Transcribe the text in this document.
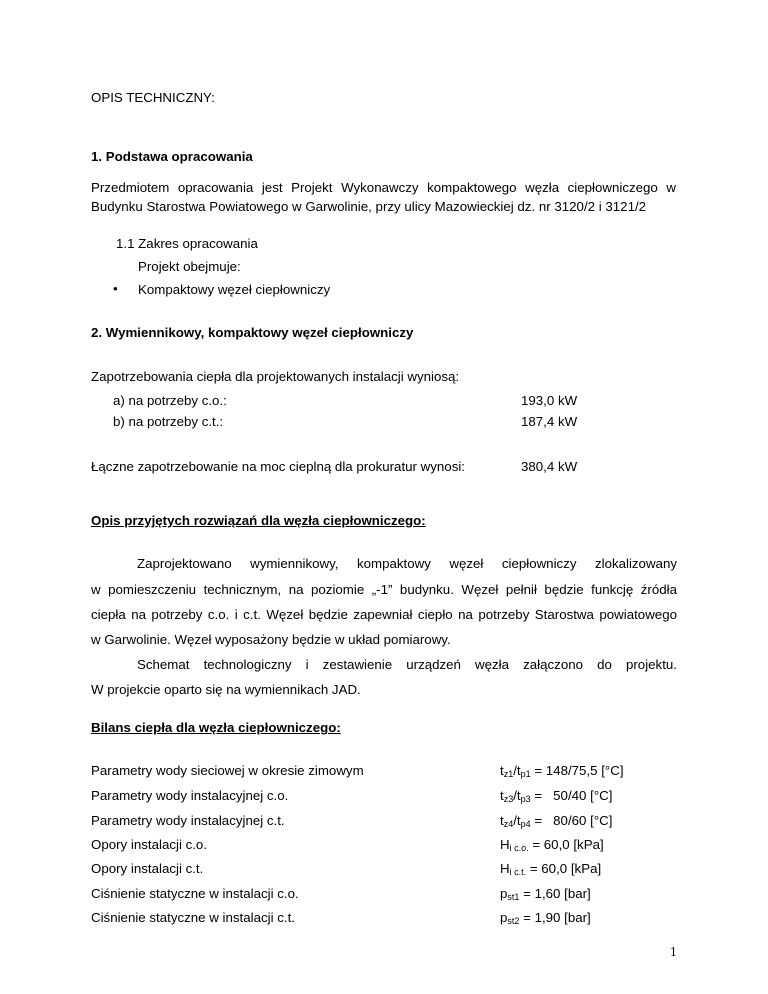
OPIS TECHNICZNY:
1. Podstawa opracowania
Przedmiotem opracowania jest Projekt Wykonawczy kompaktowego węzła ciepłowniczego w
Budynku Starostwa Powiatowego w Garwolinie, przy ulicy Mazowieckiej dz. nr 3120/2 i 3121/2
1.1 Zakres opracowania
Projekt obejmuje:
• Kompaktowy węzeł ciepłowniczy
2. Wymiennikowy, kompaktowy węzeł ciepłowniczy
Zapotrzebowania ciepła dla projektowanych instalacji wyniosą:
a) na potrzeby c.o.:	193,0 kW
b) na potrzeby c.t.:	187,4 kW
Łączne zapotrzebowanie na moc cieplną dla prokuratur wynosi:	380,4 kW
Opis przyjętych rozwiązań dla węzła ciepłowniczego:
Zaprojektowano wymiennikowy, kompaktowy węzeł ciepłowniczy zlokalizowany
w pomieszczeniu technicznym, na poziomie „-1” budynku. Węzeł pełnił będzie funkcję źródła
ciepła na potrzeby c.o. i c.t. Węzeł będzie zapewniał ciepło na potrzeby Starostwa powiatowego
w Garwolinie. Węzeł wyposażony będzie w układ pomiarowy.
Schemat technologiczny i zestawienie urządzeń węzła załączono do projektu.
W projekcie oparto się na wymiennikach JAD.
Bilans ciepła dla węzła ciepłowniczego:
Parametry wody sieciowej w okresie zimowym	$t_{z1}/t_{p1} = 148/75,5$ [°C]
Parametry wody instalacyjnej c.o.	$t_{z3}/t_{p3} = 50/40$ [°C]
Parametry wody instalacyjnej c.t.	$t_{z4}/t_{p4} = 80/60$ [°C]
Opory instalacji c.o.	$H_{i c.o.} = 60,0$ [kPa]
Opory instalacji c.t.	$H_{i c.t.} = 60,0$ [kPa]
Ciśnienie statyczne w instalacji c.o.	$p_{st1} = 1,60$ [bar]
Ciśnienie statyczne w instalacji c.t.	$p_{st2} = 1,90$ [bar]
1
